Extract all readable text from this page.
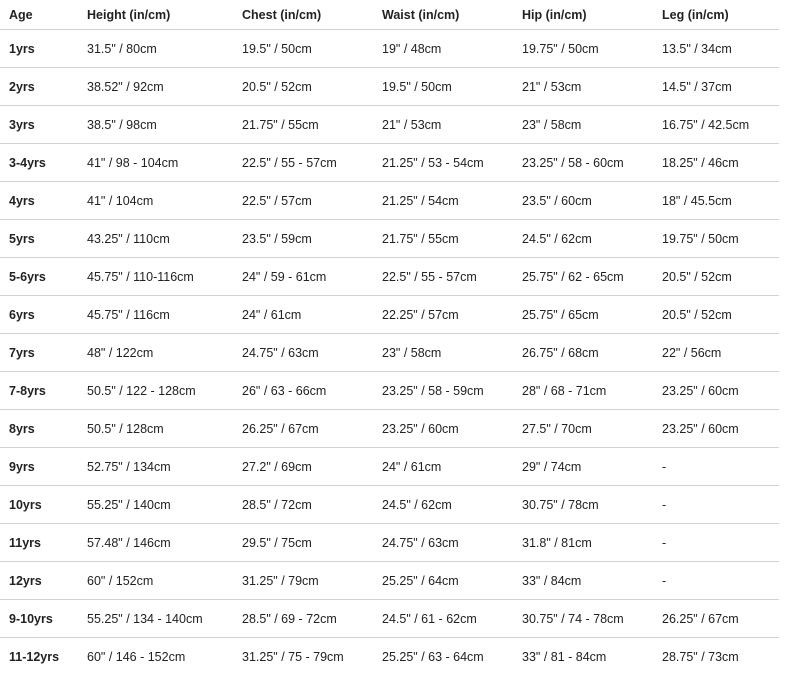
Age	Height (in/cm)	Chest (in/cm)	Waist (in/cm)	Hip (in/cm)	Leg (in/cm)
1yrs	31.5" / 80cm	19.5" / 50cm	19" / 48cm	19.75" / 50cm	13.5" / 34cm
2yrs	38.52" / 92cm	20.5" / 52cm	19.5" / 50cm	21" / 53cm	14.5" / 37cm
3yrs	38.5" / 98cm	21.75" / 55cm	21" / 53cm	23" / 58cm	16.75" / 42.5cm
3-4yrs	41" / 98 - 104cm	22.5" / 55 - 57cm	21.25" / 53 - 54cm	23.25" / 58 - 60cm	18.25" / 46cm
4yrs	41" / 104cm	22.5" / 57cm	21.25" / 54cm	23.5" / 60cm	18" / 45.5cm
5yrs	43.25" / 110cm	23.5" / 59cm	21.75" / 55cm	24.5" / 62cm	19.75" / 50cm
5-6yrs	45.75" / 110-116cm	24" / 59 - 61cm	22.5" / 55 - 57cm	25.75" / 62 - 65cm	20.5" / 52cm
6yrs	45.75" / 116cm	24" / 61cm	22.25" / 57cm	25.75" / 65cm	20.5" / 52cm
7yrs	48" / 122cm	24.75" / 63cm	23" / 58cm	26.75" / 68cm	22" / 56cm
7-8yrs	50.5" / 122 - 128cm	26" / 63 - 66cm	23.25" / 58 - 59cm	28" / 68 - 71cm	23.25" / 60cm
8yrs	50.5" / 128cm	26.25" / 67cm	23.25" / 60cm	27.5" / 70cm	23.25" / 60cm
9yrs	52.75" / 134cm	27.2" / 69cm	24" / 61cm	29" / 74cm	-
10yrs	55.25" / 140cm	28.5" / 72cm	24.5" / 62cm	30.75" / 78cm	-
11yrs	57.48" / 146cm	29.5" / 75cm	24.75" / 63cm	31.8" / 81cm	-
12yrs	60" / 152cm	31.25" / 79cm	25.25" / 64cm	33" / 84cm	-
9-10yrs	55.25" / 134 - 140cm	28.5" / 69 - 72cm	24.5" / 61 - 62cm	30.75" / 74 - 78cm	26.25" / 67cm
11-12yrs	60" / 146 - 152cm	31.25" / 75 - 79cm	25.25" / 63 - 64cm	33" / 81 - 84cm	28.75" / 73cm
